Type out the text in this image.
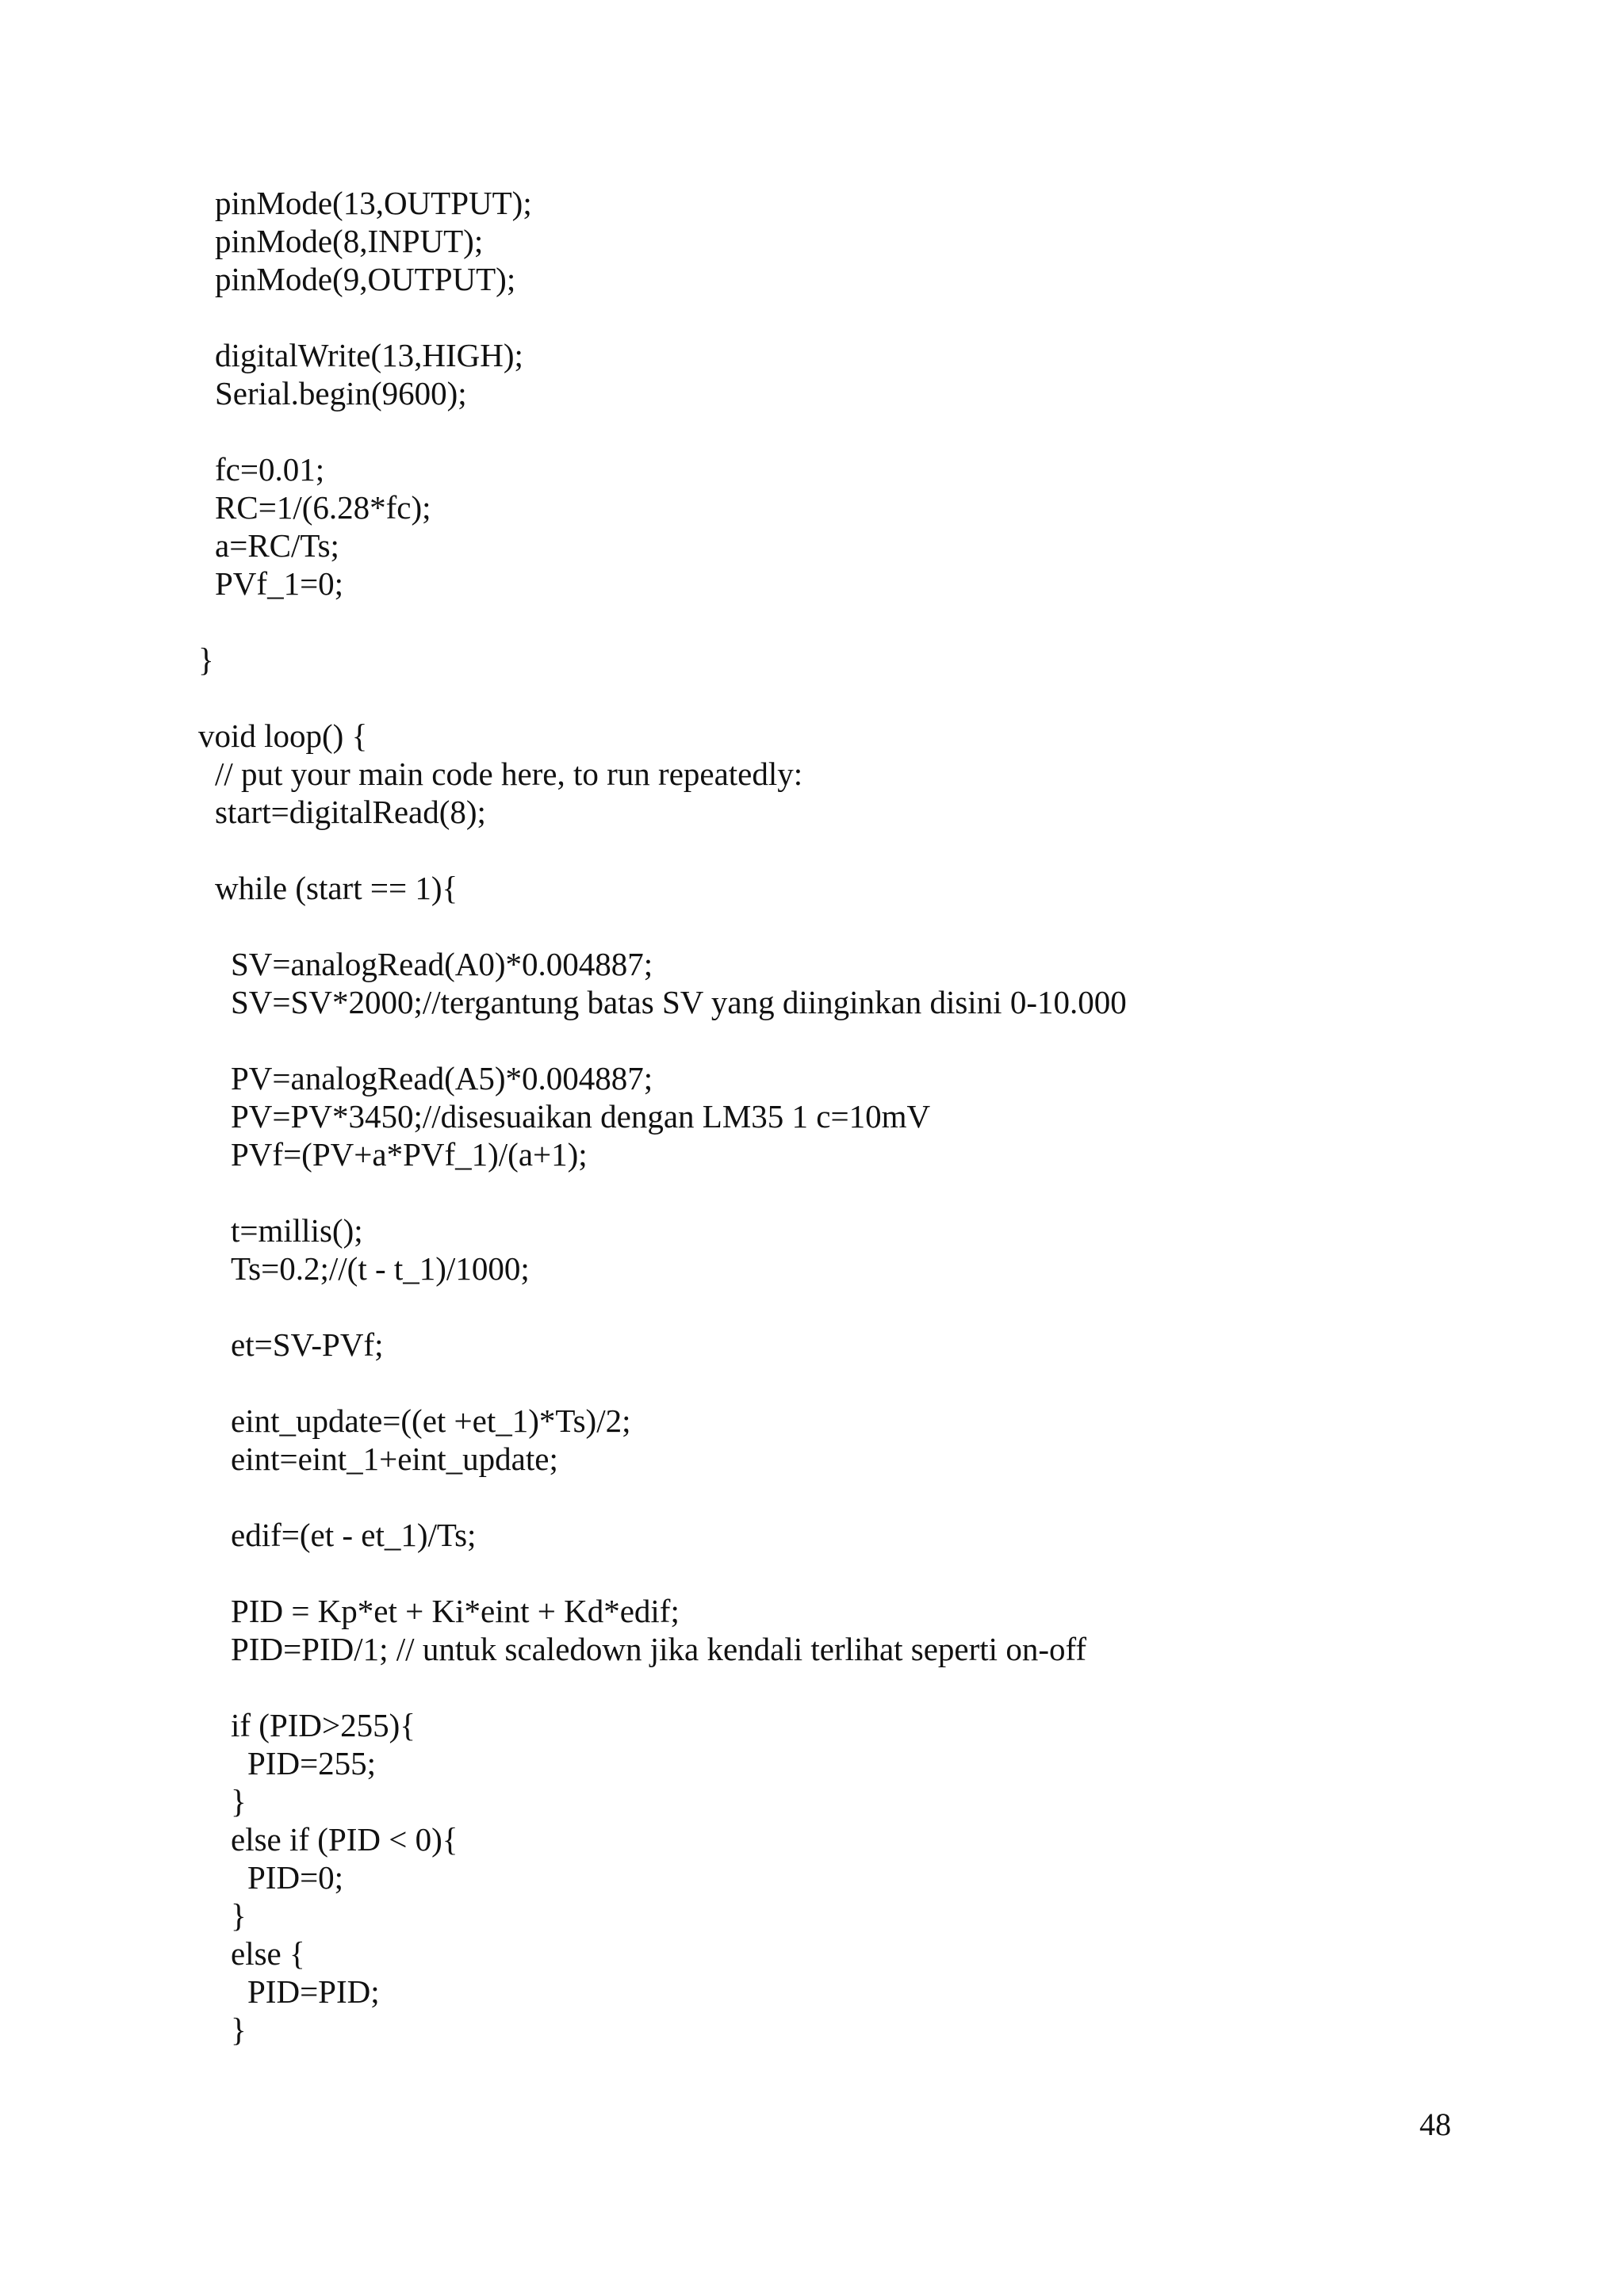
pinMode(13,OUTPUT);
pinMode(8,INPUT);
pinMode(9,OUTPUT);
digitalWrite(13,HIGH);
Serial.begin(9600);
fc=0.01;
RC=1/(6.28*fc);
a=RC/Ts;
PVf_1=0;
}
void loop() {
// put your main code here, to run repeatedly:
start=digitalRead(8);
while (start == 1){
SV=analogRead(A0)*0.004887;
SV=SV*2000;//tergantung batas SV yang diinginkan disini 0-10.000
PV=analogRead(A5)*0.004887;
PV=PV*3450;//disesuaikan dengan LM35 1 c=10mV
PVf=(PV+a*PVf_1)/(a+1);
t=millis();
Ts=0.2;//(t - t_1)/1000;
et=SV-PVf;
eint_update=((et +et_1)*Ts)/2;
eint=eint_1+eint_update;
edif=(et - et_1)/Ts;
PID = Kp*et + Ki*eint + Kd*edif;
PID=PID/1; // untuk scaledown jika kendali terlihat seperti on-off
if (PID>255){
PID=255;
}
else if (PID < 0){
PID=0;
}
else {
PID=PID;
}
48
